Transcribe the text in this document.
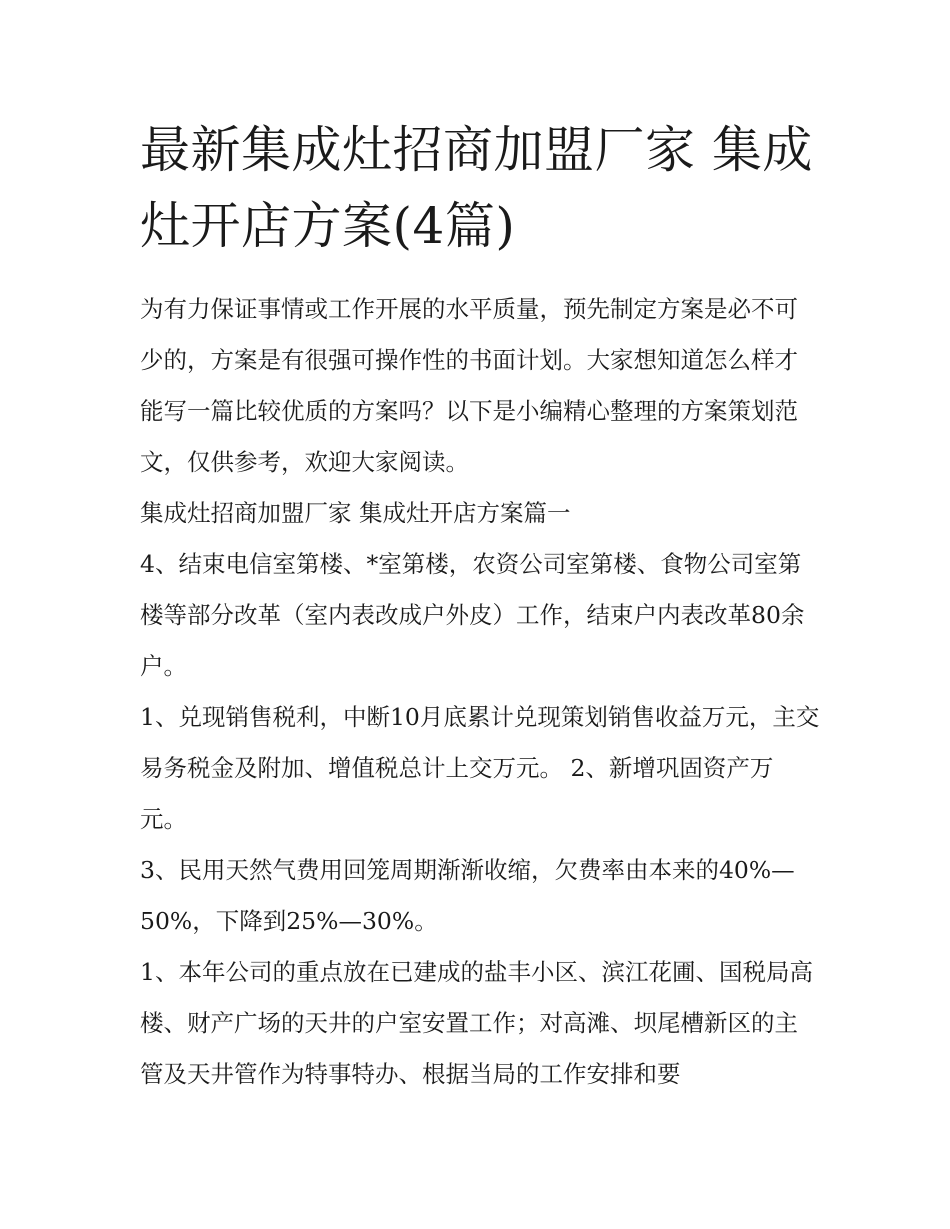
最新集成灶招商加盟厂家 集成灶开店方案(4篇)

为有力保证事情或工作开展的水平质量，预先制定方案是必不可少的，方案是有很强可操作性的书面计划。大家想知道怎么样才能写一篇比较优质的方案吗？以下是小编精心整理的方案策划范文，仅供参考，欢迎大家阅读。

集成灶招商加盟厂家 集成灶开店方案篇一

4、结束电信室第楼、*室第楼，农资公司室第楼、食物公司室第楼等部分改革（室内表改成户外皮）工作，结束户内表改革80余户。

1、兑现销售税利，中断10月底累计兑现策划销售收益万元，主交易务税金及附加、增值税总计上交万元。 2、新增巩固资产万元。

3、民用天然气费用回笼周期渐渐收缩，欠费率由本来的40%—50%，下降到25%—30%。

1、本年公司的重点放在已建成的盐丰小区、滨江花圃、国税局高楼、财产广场的天井的户室安置工作；对高滩、坝尾槽新区的主管及天井管作为特事特办、根据当局的工作安排和要
